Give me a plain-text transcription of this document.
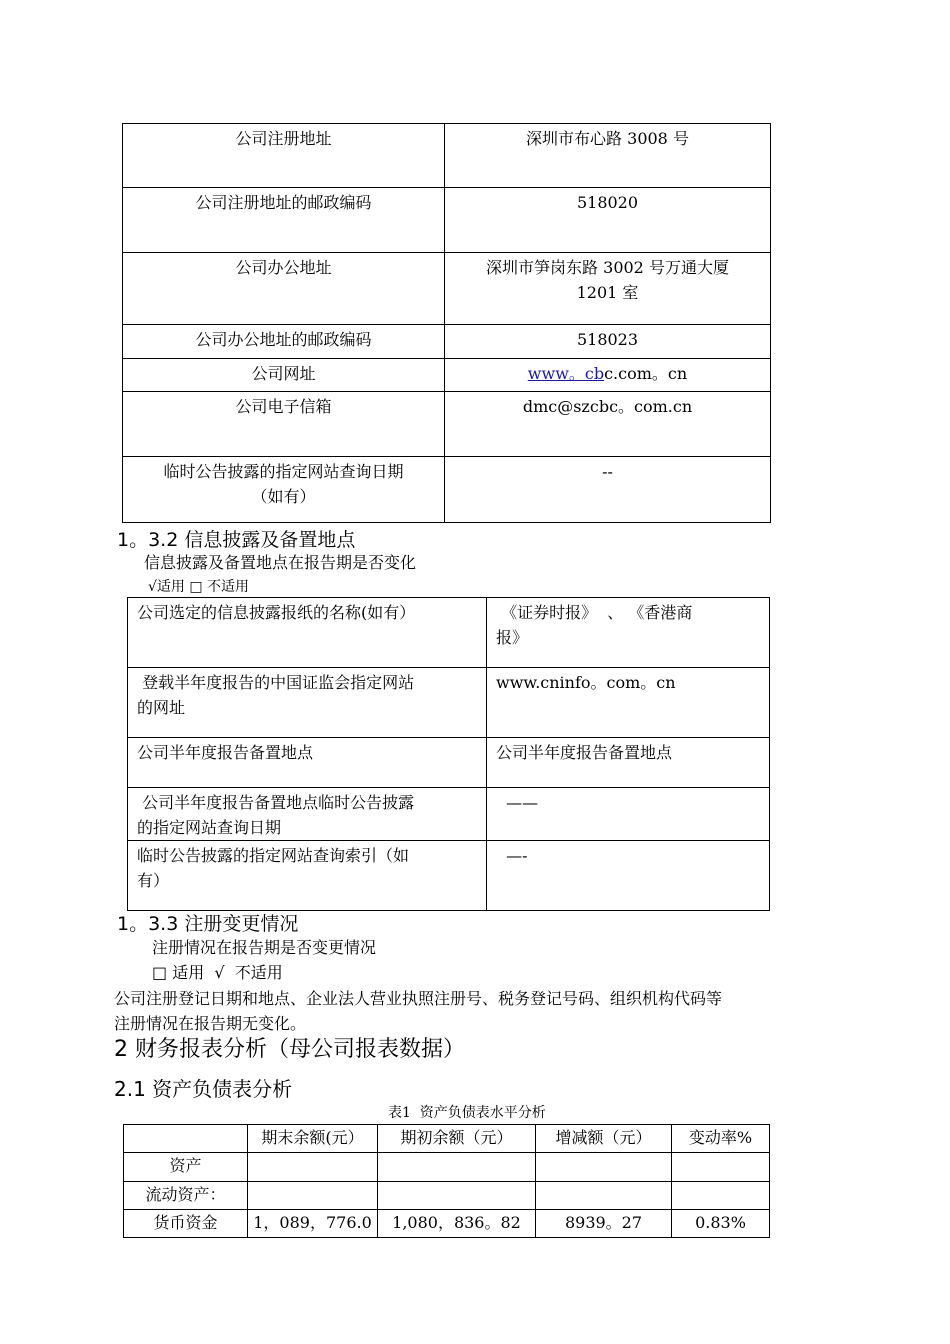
公司注册地址	深圳市布心路 3008 号
公司注册地址的邮政编码	518020
公司办公地址	深圳市笋岗东路 3002 号万通大厦
1201 室

公司办公地址的邮政编码	518023
公司网址	www。cbc.com。cn
公司电子信箱	dmc@szcbc。com.cn

临时公告披露的指定网站查询日期
（如有）	--
1。3.2 信息披露及备置地点
信息披露及备置地点在报告期是否变化
√适用 □ 不适用
公司选定的信息披露报纸的名称(如有）	《证券时报》  、 《香港商
报》

登载半年度报告的中国证监会指定网站
的网址	www.cninfo。com。cn
公司半年度报告备置地点	公司半年度报告备置地点

公司半年度报告备置地点临时公告披露
的指定网站查询日期	——

临时公告披露的指定网站查询索引（如
有）	—-
1。3.3 注册变更情况
注册情况在报告期是否变更情况
□ 适用  √  不适用
公司注册登记日期和地点、企业法人营业执照注册号、税务登记号码、组织机构代码等
注册情况在报告期无变化。
2 财务报表分析（母公司报表数据）
2.1 资产负债表分析
表1  资产负债表水平分析
	期末余额(元）	期初余额（元）	增减额（元）	变动率%
资产				
流动资产：				
货币资金	1，089，776.0	1,080，836。82	8939。27	0.83%
